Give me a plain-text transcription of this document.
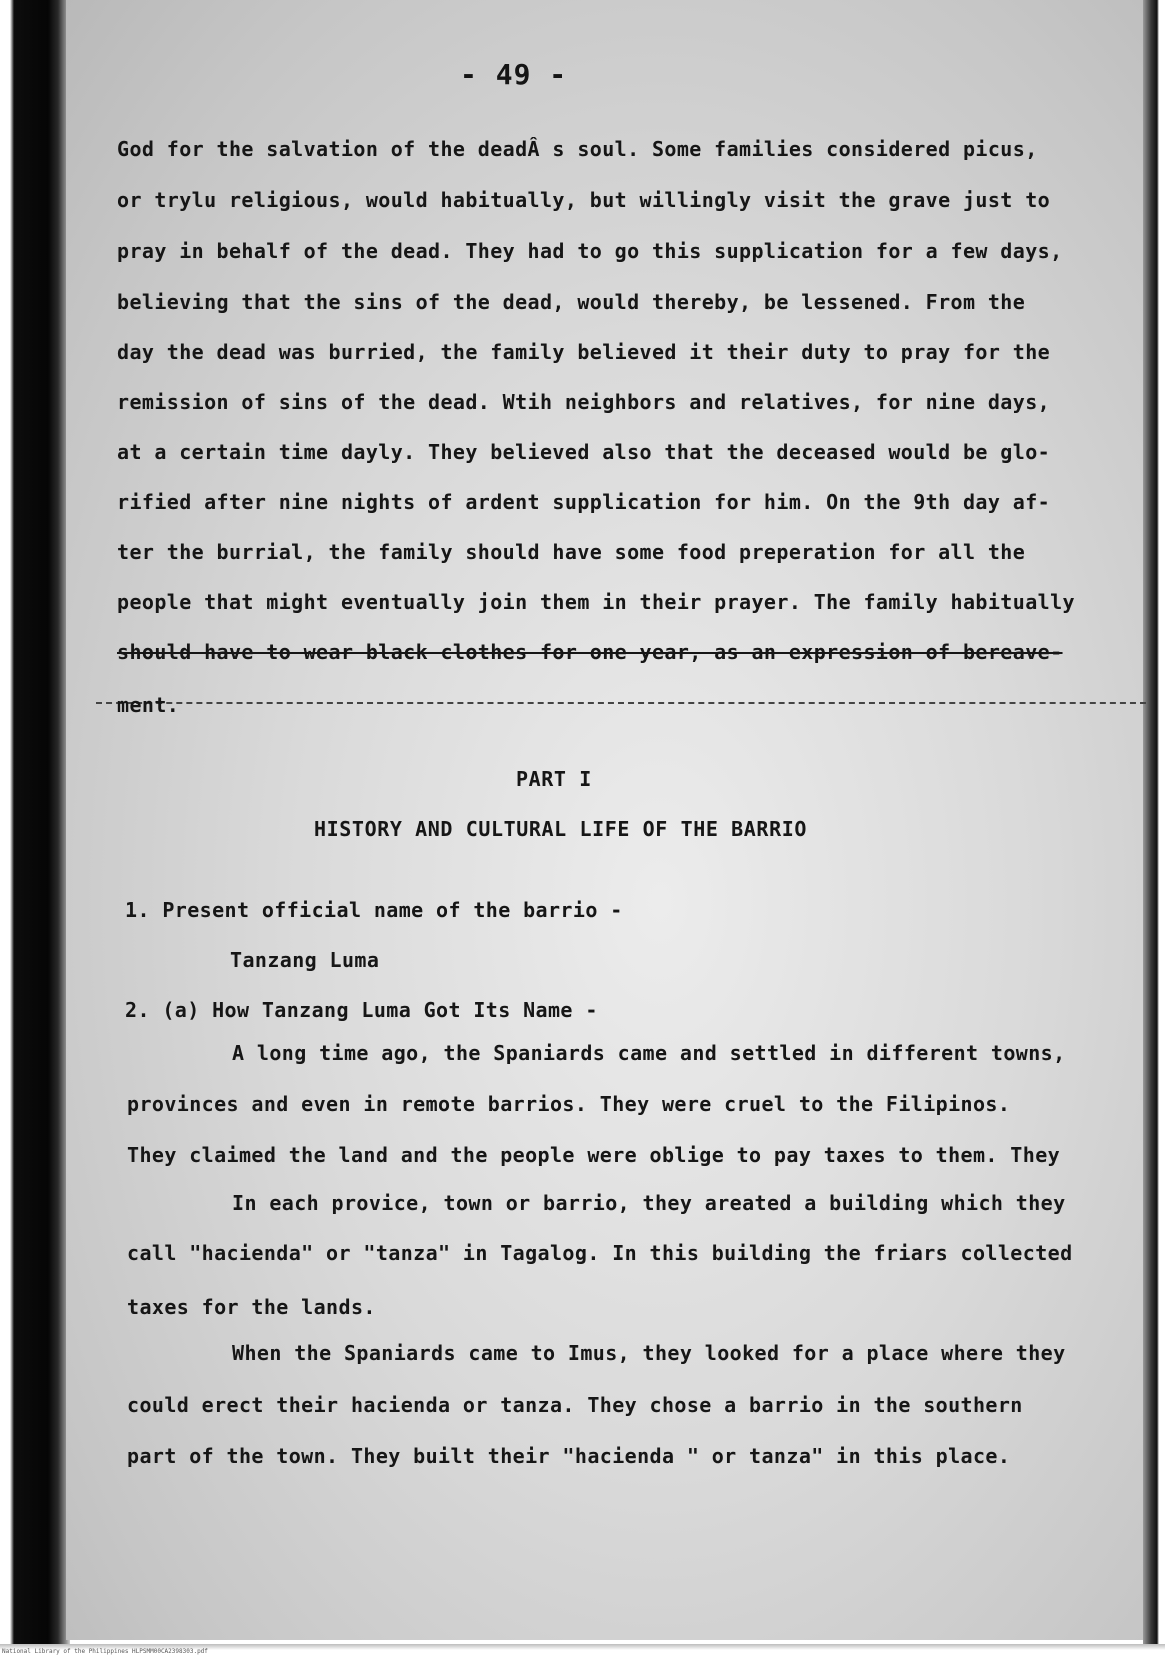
- 49 -
God for the salvation of the deadÂ s soul. Some families considered picus,
or trylu religious, would habitually, but willingly visit the grave just to
pray in behalf of the dead. They had to go this supplication for a few days,
believing that the sins of the dead, would thereby, be lessened. From the
day the dead was burried, the family believed it their duty to pray for the
remission of sins of the dead. Wtih neighbors and relatives, for nine days,
at a certain time dayly. They believed also that the deceased would be glo-
rified after nine nights of ardent supplication for him. On the 9th day af-
ter the burrial, the family should have some food preperation for all the
people that might eventually join them in their prayer. The family habitually
should have to wear black clothes for one year, as an expression of bereave-
ment.
PART I
HISTORY AND CULTURAL LIFE OF THE BARRIO
1. Present official name of the barrio -
Tanzang Luma
2. (a) How Tanzang Luma Got Its Name -
A long time ago, the Spaniards came and settled in different towns,
provinces and even in remote barrios. They were cruel to the Filipinos.
They claimed the land and the people were oblige to pay taxes to them. They
In each provice, town or barrio, they areated a building which they
call "hacienda" or "tanza" in Tagalog. In this building the friars collected
taxes for the lands.
When the Spaniards came to Imus, they looked for a place where they
could erect their hacienda or tanza. They chose a barrio in the southern
part of the town. They built their "hacienda " or tanza" in this place.
National Library of the Philippines HLPSMM00CA2398303.pdf
